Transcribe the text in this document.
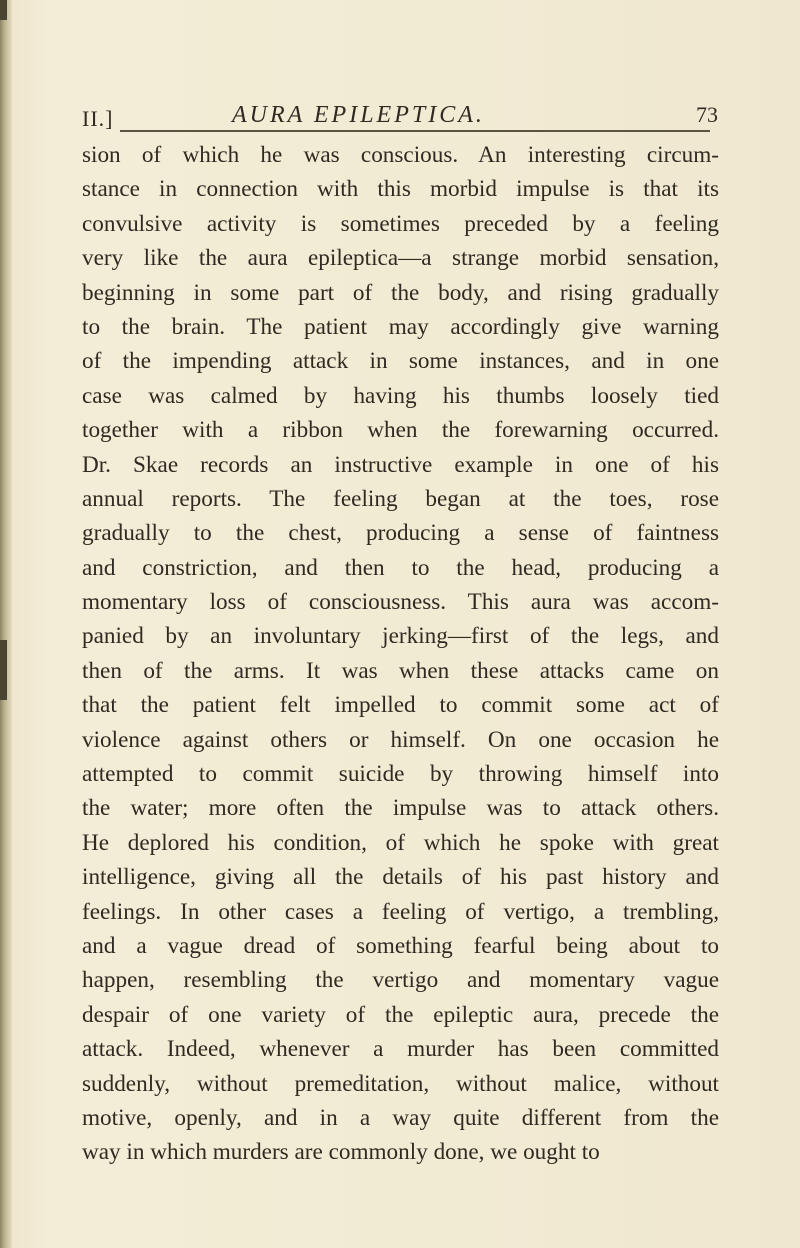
II.]	AURA EPILEPTICA.	73
sion of which he was conscious. An interesting circum-
stance in connection with this morbid impulse is that its
convulsive activity is sometimes preceded by a feeling
very like the aura epileptica—a strange morbid sensation,
beginning in some part of the body, and rising gradually
to the brain. The patient may accordingly give warning
of the impending attack in some instances, and in one
case was calmed by having his thumbs loosely tied
together with a ribbon when the forewarning occurred.
Dr. Skae records an instructive example in one of his
annual reports. The feeling began at the toes, rose
gradually to the chest, producing a sense of faintness
and constriction, and then to the head, producing a
momentary loss of consciousness. This aura was accom-
panied by an involuntary jerking—first of the legs, and
then of the arms. It was when these attacks came on
that the patient felt impelled to commit some act of
violence against others or himself. On one occasion he
attempted to commit suicide by throwing himself into
the water; more often the impulse was to attack others.
He deplored his condition, of which he spoke with great
intelligence, giving all the details of his past history and
feelings. In other cases a feeling of vertigo, a trembling,
and a vague dread of something fearful being about to
happen, resembling the vertigo and momentary vague
despair of one variety of the epileptic aura, precede the
attack. Indeed, whenever a murder has been committed
suddenly, without premeditation, without malice, without
motive, openly, and in a way quite different from the
way in which murders are commonly done, we ought to
